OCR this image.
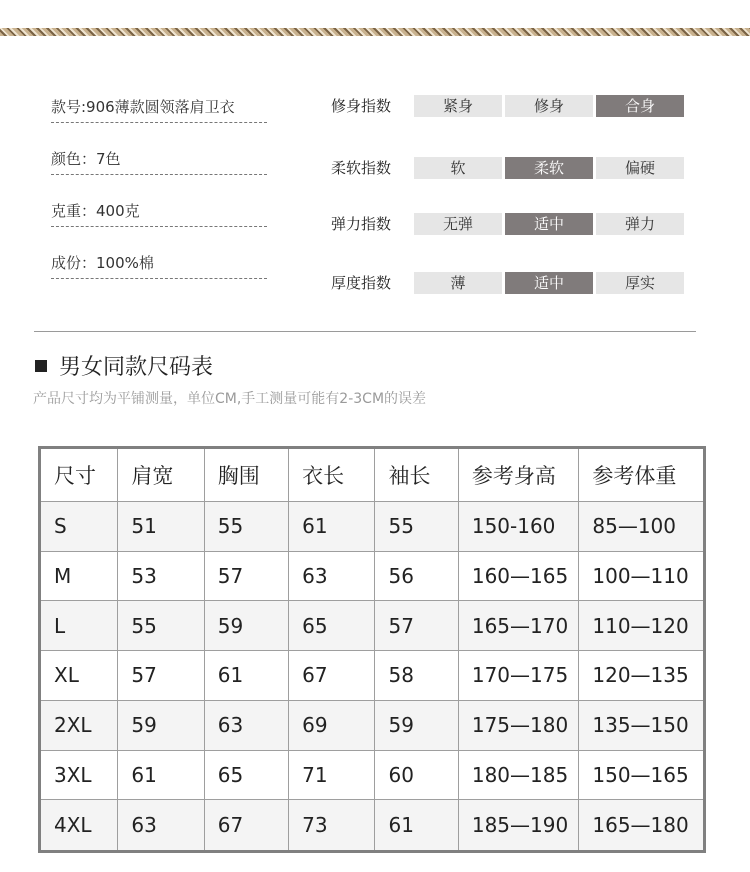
款号:906薄款圆领落肩卫衣
颜色：7色
克重：400克
成份：100%棉
修身指数	紧身	修身	合身
柔软指数	软	柔软	偏硬
弹力指数	无弹	适中	弹力
厚度指数	薄	适中	厚实
男女同款尺码表
产品尺寸均为平铺测量，单位CM,手工测量可能有2-3CM的误差
尺寸	肩宽	胸围	衣长	袖长	参考身高	参考体重
S	51	55	61	55	150-160	85—100
M	53	57	63	56	160—165	100—110
L	55	59	65	57	165—170	110—120
XL	57	61	67	58	170—175	120—135
2XL	59	63	69	59	175—180	135—150
3XL	61	65	71	60	180—185	150—165
4XL	63	67	73	61	185—190	165—180
